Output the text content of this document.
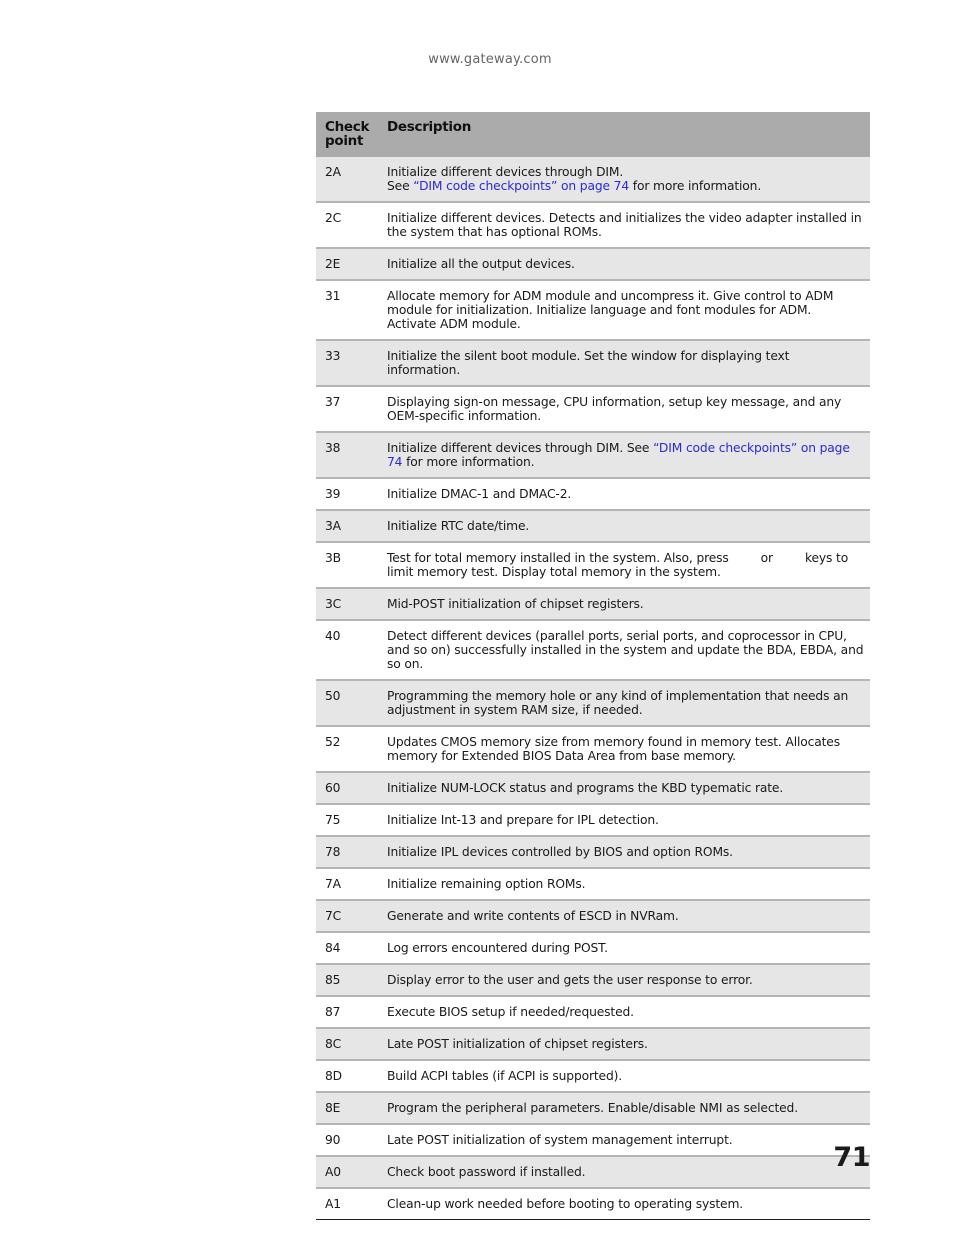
www.gateway.com
Check point	Description
2A	Initialize different devices through DIM.
See “DIM code checkpoints” on page 74 for more information.
2C	Initialize different devices. Detects and initializes the video adapter installed in the system that has optional ROMs.
2E	Initialize all the output devices.
31	Allocate memory for ADM module and uncompress it. Give control to ADM module for initialization. Initialize language and font modules for ADM. Activate ADM module.
33	Initialize the silent boot module. Set the window for displaying text information.
37	Displaying sign-on message, CPU information, setup key message, and any OEM-specific information.
38	Initialize different devices through DIM. See “DIM code checkpoints” on page 74 for more information.
39	Initialize DMAC-1 and DMAC-2.
3A	Initialize RTC date/time.
3B	Test for total memory installed in the system. Also, press or keys to limit memory test. Display total memory in the system.
3C	Mid-POST initialization of chipset registers.
40	Detect different devices (parallel ports, serial ports, and coprocessor in CPU, and so on) successfully installed in the system and update the BDA, EBDA, and so on.
50	Programming the memory hole or any kind of implementation that needs an adjustment in system RAM size, if needed.
52	Updates CMOS memory size from memory found in memory test. Allocates memory for Extended BIOS Data Area from base memory.
60	Initialize NUM-LOCK status and programs the KBD typematic rate.
75	Initialize Int-13 and prepare for IPL detection.
78	Initialize IPL devices controlled by BIOS and option ROMs.
7A	Initialize remaining option ROMs.
7C	Generate and write contents of ESCD in NVRam.
84	Log errors encountered during POST.
85	Display error to the user and gets the user response to error.
87	Execute BIOS setup if needed/requested.
8C	Late POST initialization of chipset registers.
8D	Build ACPI tables (if ACPI is supported).
8E	Program the peripheral parameters. Enable/disable NMI as selected.
90	Late POST initialization of system management interrupt.
A0	Check boot password if installed.
A1	Clean-up work needed before booting to operating system.
71
